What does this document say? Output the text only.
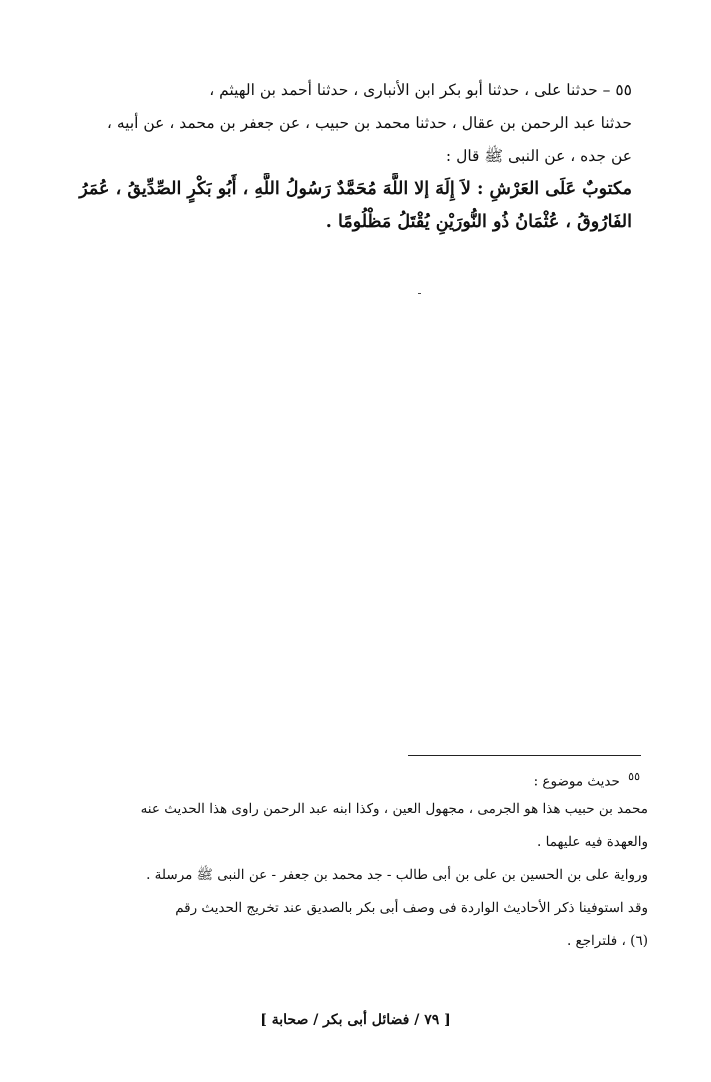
٥٥ – حدثنا على ، حدثنا أبو بكر ابن الأنبارى ، حدثنا أحمد بن الهيثم ،
حدثنا عبد الرحمن بن عقال ، حدثنا محمد بن حبيب ، عن جعفر بن محمد ، عن أبيه ،
عن جده ، عن النبى ﷺ قال :
مكتوبٌ عَلَى العَرْشِ : لاَ إِلَهَ إلا اللَّهَ مُحَمَّدٌ رَسُولُ اللَّهِ ، أَبُو بَكْرٍ الصِّدِّيقُ ، عُمَرُ
الفَارُوقُ ، عُثْمَانُ ذُو النُّورَيْنِ يُقْتَلُ مَظْلُومًا .
$^{٥٥}$ حديث موضوع :
محمد بن حبيب هذا هو الجرمى ، مجهول العين ، وكذا ابنه عبد الرحمن راوى هذا الحديث عنه
والعهدة فيه عليهما .
ورواية على بن الحسين بن على بن أبى طالب - جد محمد بن جعفر - عن النبى ﷺ مرسلة .
وقد استوفينا ذكر الأحاديث الواردة فى وصف أبى بكر بالصديق عند تخريج الحديث رقم
(٦) ، فلتراجع .
[ ٧٩ / فضائل أبى بكر / صحابة ]
